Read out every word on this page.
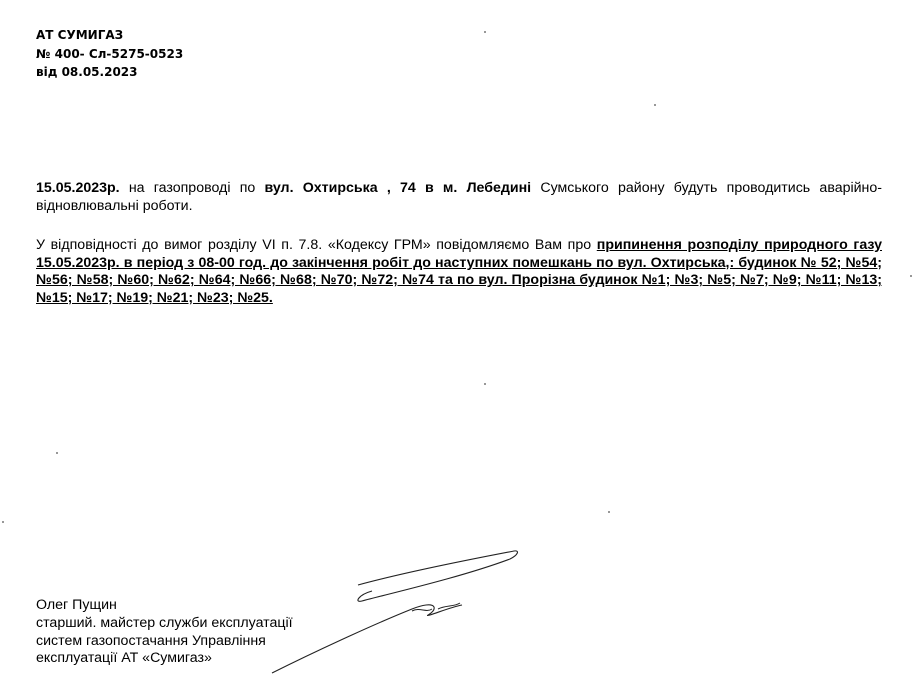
АТ СУМИГАЗ
№ 400- Сл-5275-0523
від 08.05.2023
15.05.2023р. на газопроводі по вул. Охтирська , 74 в м. Лебедині Сумського району будуть проводитись аварійно-відновлювальні роботи.
У відповідності до вимог розділу VI п. 7.8. «Кодексу ГРМ» повідомляємо Вам про припинення розподілу природного газу 15.05.2023р. в період з 08-00 год. до закінчення робіт до наступних помешкань по вул. Охтирська,: будинок № 52; №54; №56; №58; №60; №62; №64; №66; №68; №70; №72; №74 та по вул. Прорізна будинок №1; №3; №5; №7; №9; №11; №13; №15; №17; №19; №21; №23; №25.
Олег Пущин
старший. майстер служби експлуатації
систем газопостачання Управління
експлуатації АТ «Сумигаз»
